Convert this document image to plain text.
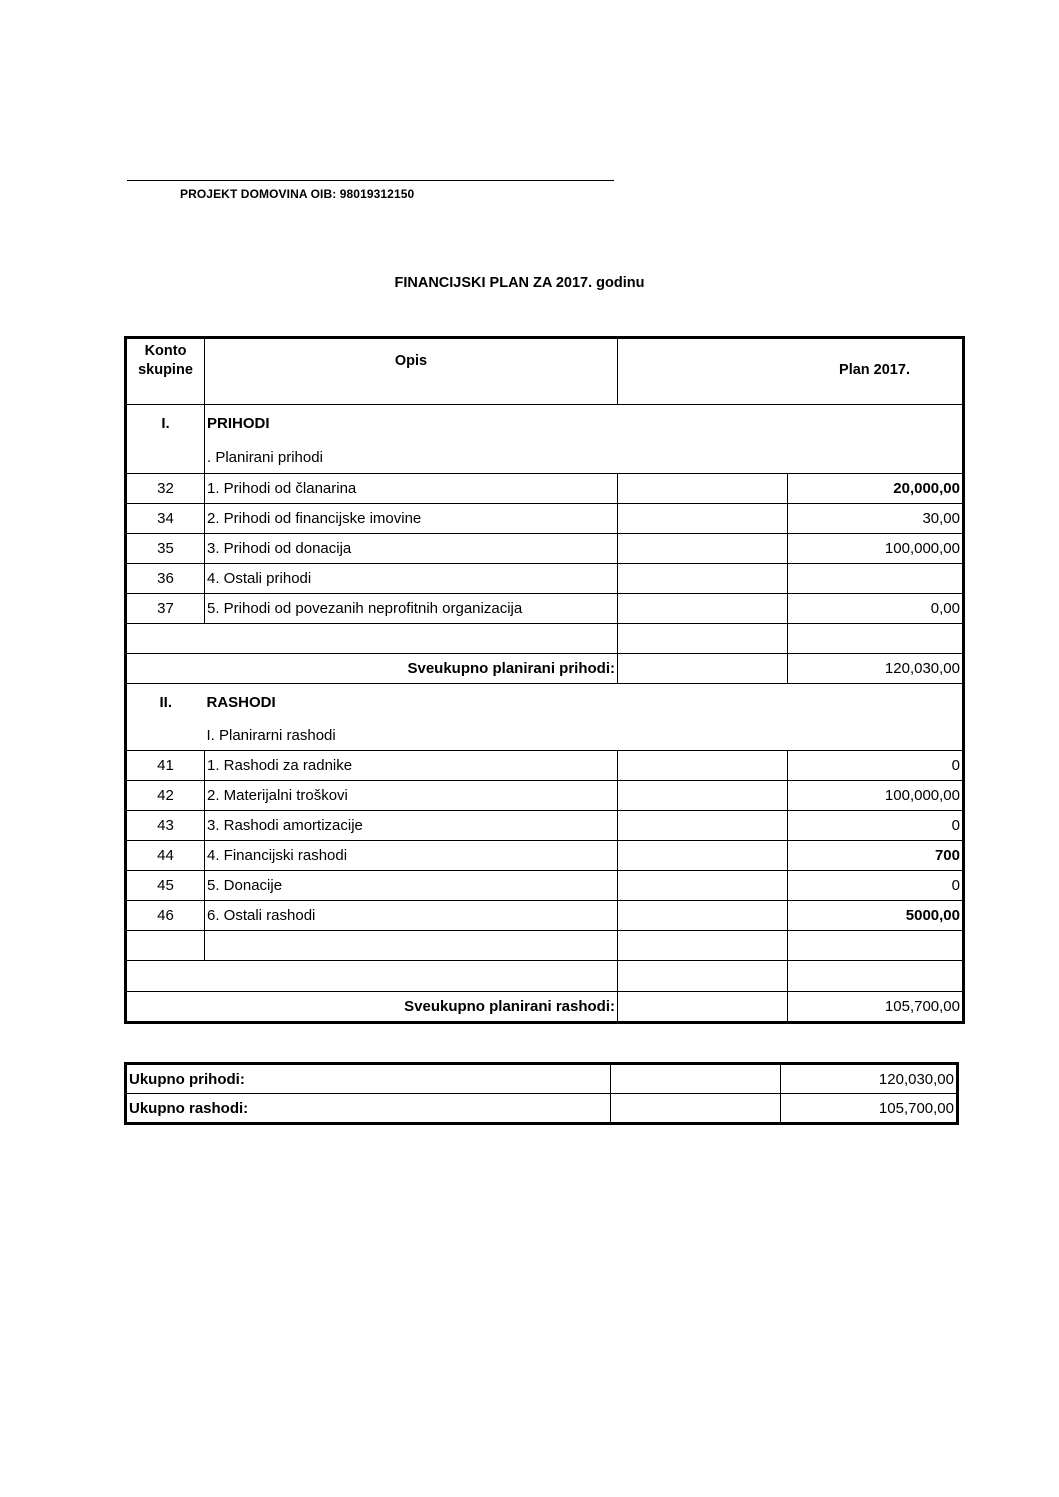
PROJEKT DOMOVINA OIB: 98019312150
FINANCIJSKI PLAN ZA 2017. godinu
Konto
skupine	Opis		Plan 2017.
I.	PRIHODI		
	. Planirani prihodi		
32	1. Prihodi od članarina		20,000,00
34	2. Prihodi od financijske imovine		30,00
35	3. Prihodi od donacija		100,000,00
36	4. Ostali prihodi		
37	5. Prihodi od povezanih neprofitnih organizacija		0,00

Sveukupno planirani prihodi:			120,030,00
II.	RASHODI		
	I. Planirarni rashodi		
41	1. Rashodi za radnike		0
42	2. Materijalni troškovi		100,000,00
43	3. Rashodi amortizacije		0
44	4. Financijski rashodi		700
45	5. Donacije		0
46	6. Ostali rashodi		5000,00

Sveukupno planirani rashodi:			105,700,00
Ukupno prihodi:		120,030,00
Ukupno rashodi:		105,700,00
